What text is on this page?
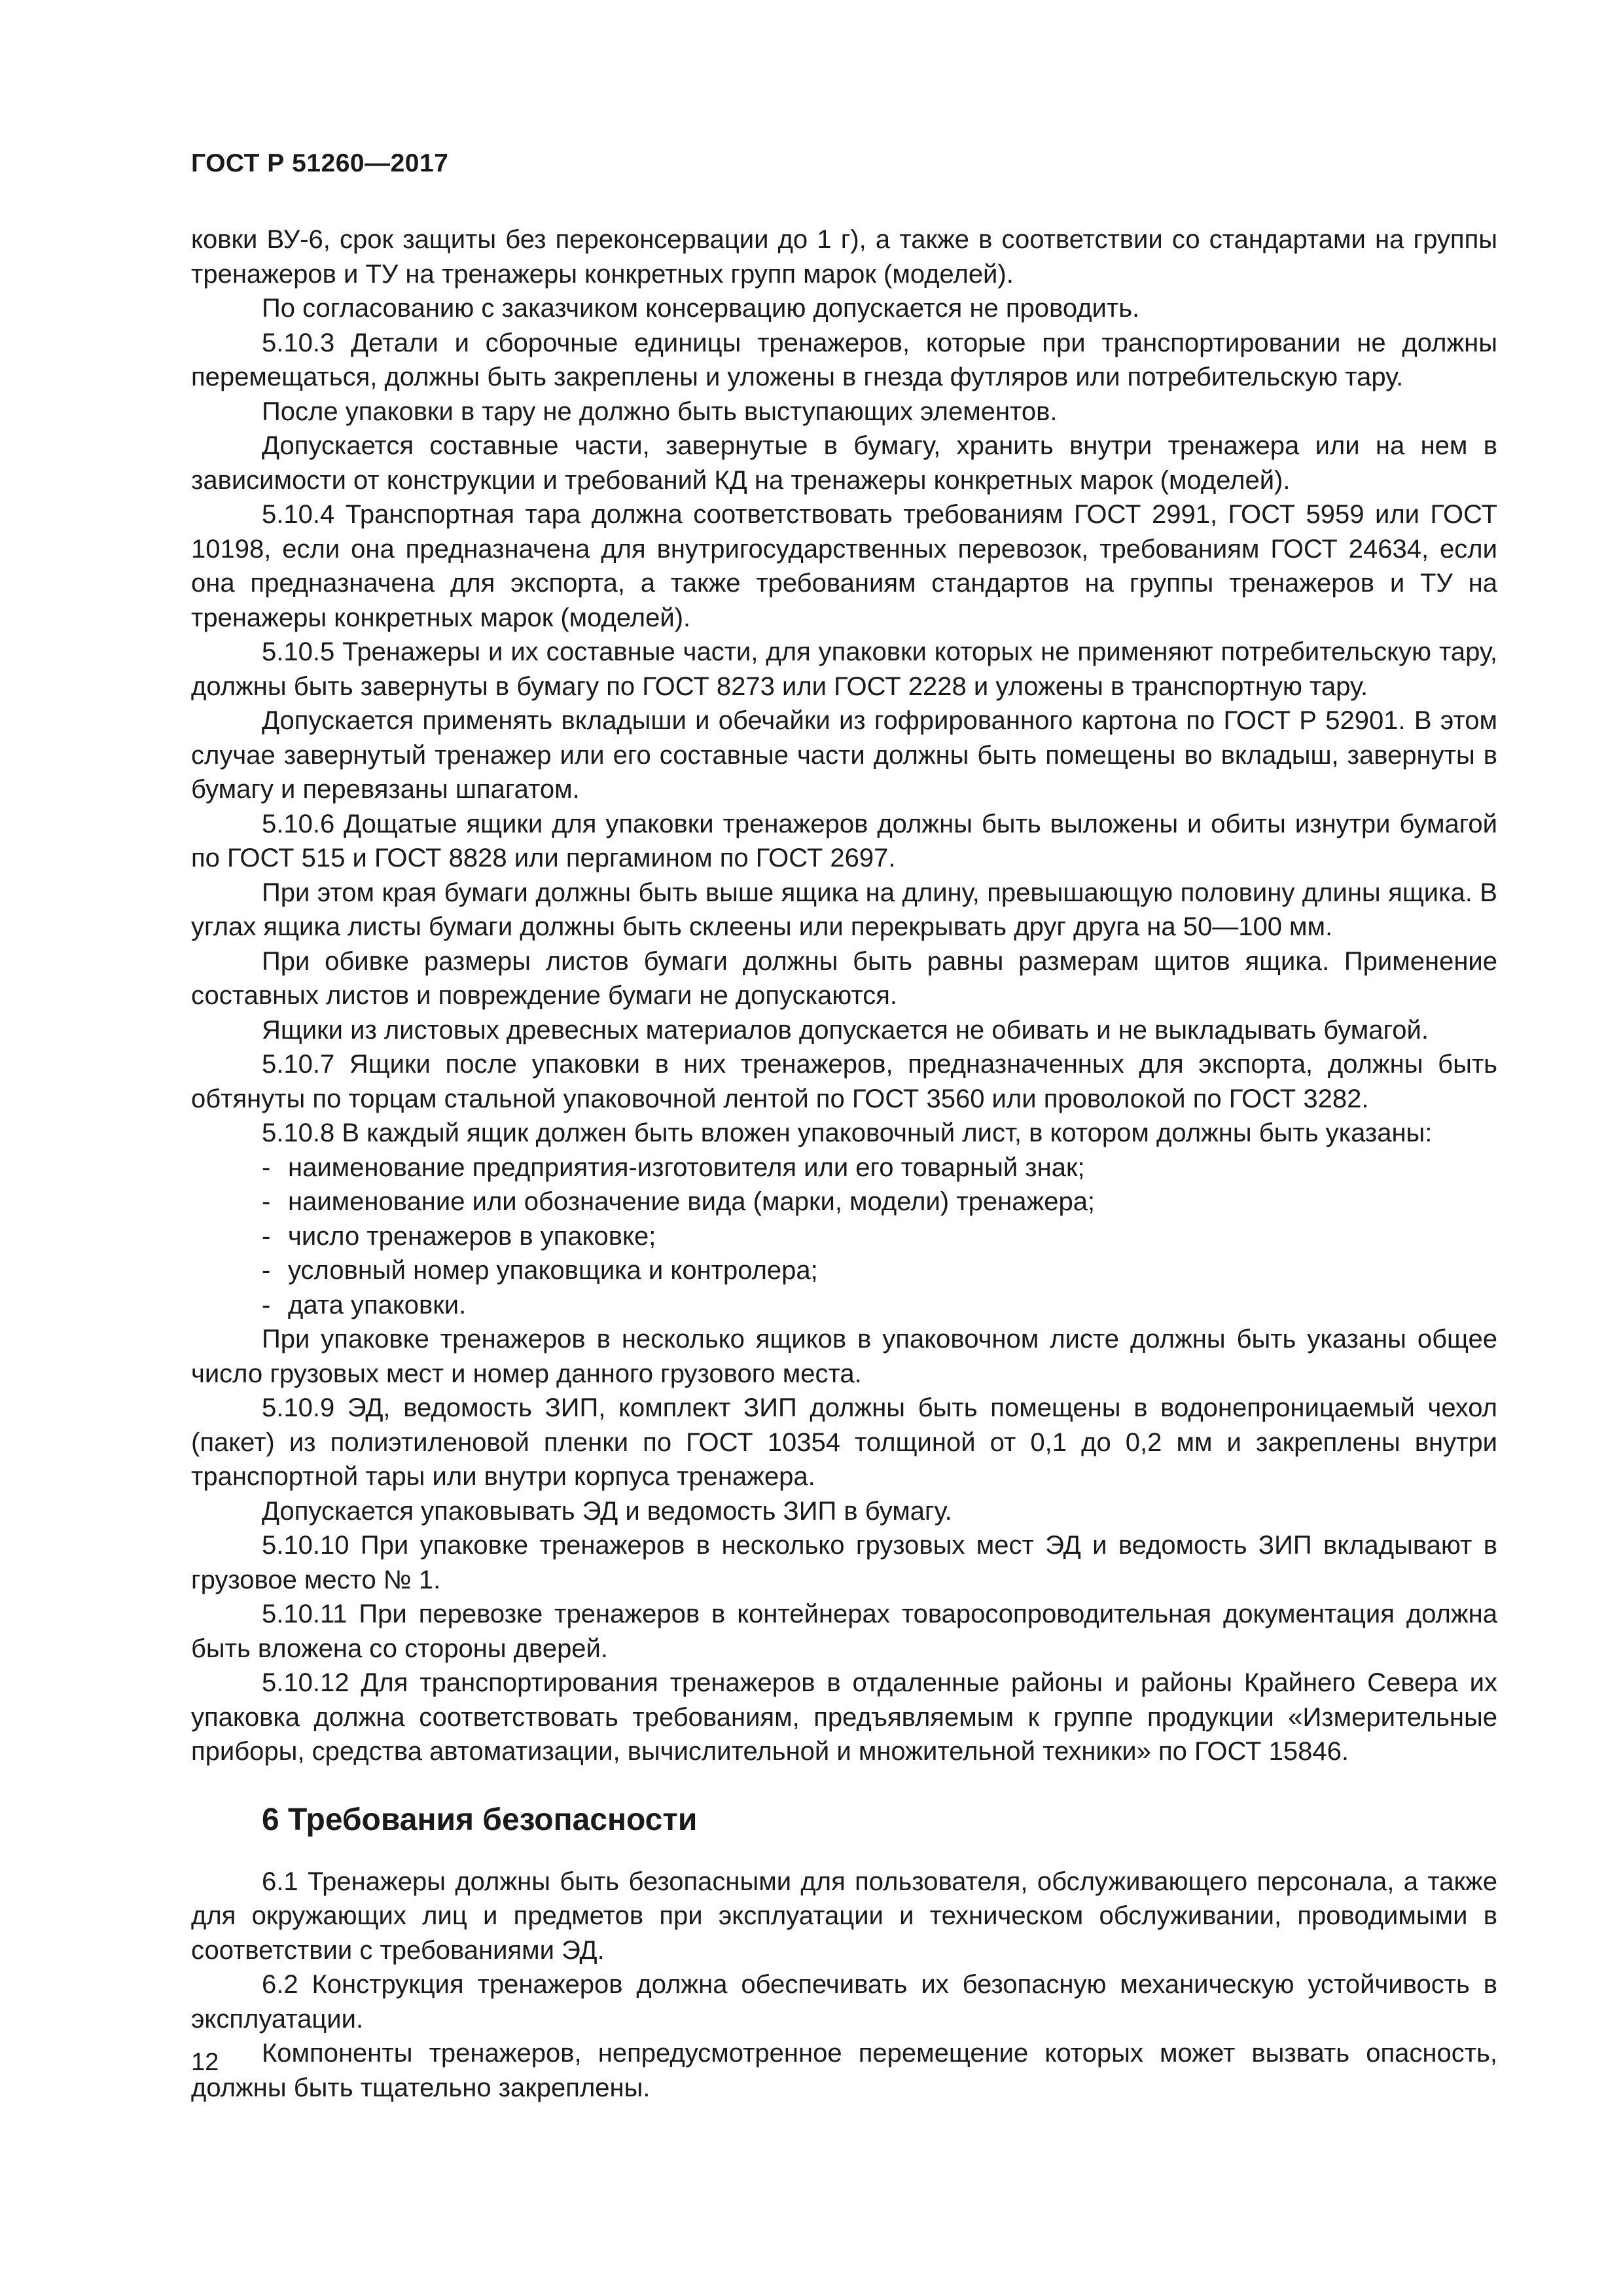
ГОСТ Р 51260—2017

ковки ВУ-6, срок защиты без переконсервации до 1 г), а также в соответствии со стандартами на группы тренажеров и ТУ на тренажеры конкретных групп марок (моделей).

По согласованию с заказчиком консервацию допускается не проводить.

5.10.3 Детали и сборочные единицы тренажеров, которые при транспортировании не должны перемещаться, должны быть закреплены и уложены в гнезда футляров или потребительскую тару.

После упаковки в тару не должно быть выступающих элементов.

Допускается составные части, завернутые в бумагу, хранить внутри тренажера или на нем в зависимости от конструкции и требований КД на тренажеры конкретных марок (моделей).

5.10.4 Транспортная тара должна соответствовать требованиям ГОСТ 2991, ГОСТ 5959 или ГОСТ 10198, если она предназначена для внутригосударственных перевозок, требованиям ГОСТ 24634, если она предназначена для экспорта, а также требованиям стандартов на группы тренажеров и ТУ на тренажеры конкретных марок (моделей).

5.10.5 Тренажеры и их составные части, для упаковки которых не применяют потребительскую тару, должны быть завернуты в бумагу по ГОСТ 8273 или ГОСТ 2228 и уложены в транспортную тару.

Допускается применять вкладыши и обечайки из гофрированного картона по ГОСТ Р 52901. В этом случае завернутый тренажер или его составные части должны быть помещены во вкладыш, завернуты в бумагу и перевязаны шпагатом.

5.10.6 Дощатые ящики для упаковки тренажеров должны быть выложены и обиты изнутри бумагой по ГОСТ 515 и ГОСТ 8828 или пергамином по ГОСТ 2697.

При этом края бумаги должны быть выше ящика на длину, превышающую половину длины ящика. В углах ящика листы бумаги должны быть склеены или перекрывать друг друга на 50—100 мм.

При обивке размеры листов бумаги должны быть равны размерам щитов ящика. Применение составных листов и повреждение бумаги не допускаются.

Ящики из листовых древесных материалов допускается не обивать и не выкладывать бумагой.

5.10.7 Ящики после упаковки в них тренажеров, предназначенных для экспорта, должны быть обтянуты по торцам стальной упаковочной лентой по ГОСТ 3560 или проволокой по ГОСТ 3282.

5.10.8 В каждый ящик должен быть вложен упаковочный лист, в котором должны быть указаны:

- наименование предприятия-изготовителя или его товарный знак;
- наименование или обозначение вида (марки, модели) тренажера;
- число тренажеров в упаковке;
- условный номер упаковщика и контролера;
- дата упаковки.

При упаковке тренажеров в несколько ящиков в упаковочном листе должны быть указаны общее число грузовых мест и номер данного грузового места.

5.10.9 ЭД, ведомость ЗИП, комплект ЗИП должны быть помещены в водонепроницаемый чехол (пакет) из полиэтиленовой пленки по ГОСТ 10354 толщиной от 0,1 до 0,2 мм и закреплены внутри транспортной тары или внутри корпуса тренажера.

Допускается упаковывать ЭД и ведомость ЗИП в бумагу.

5.10.10 При упаковке тренажеров в несколько грузовых мест ЭД и ведомость ЗИП вкладывают в грузовое место № 1.

5.10.11 При перевозке тренажеров в контейнерах товаросопроводительная документация должна быть вложена со стороны дверей.

5.10.12 Для транспортирования тренажеров в отдаленные районы и районы Крайнего Севера их упаковка должна соответствовать требованиям, предъявляемым к группе продукции «Измерительные приборы, средства автоматизации, вычислительной и множительной техники» по ГОСТ 15846.

6 Требования безопасности

6.1 Тренажеры должны быть безопасными для пользователя, обслуживающего персонала, а также для окружающих лиц и предметов при эксплуатации и техническом обслуживании, проводимыми в соответствии с требованиями ЭД.

6.2 Конструкция тренажеров должна обеспечивать их безопасную механическую устойчивость в эксплуатации.

Компоненты тренажеров, непредусмотренное перемещение которых может вызвать опасность, должны быть тщательно закреплены.

12
